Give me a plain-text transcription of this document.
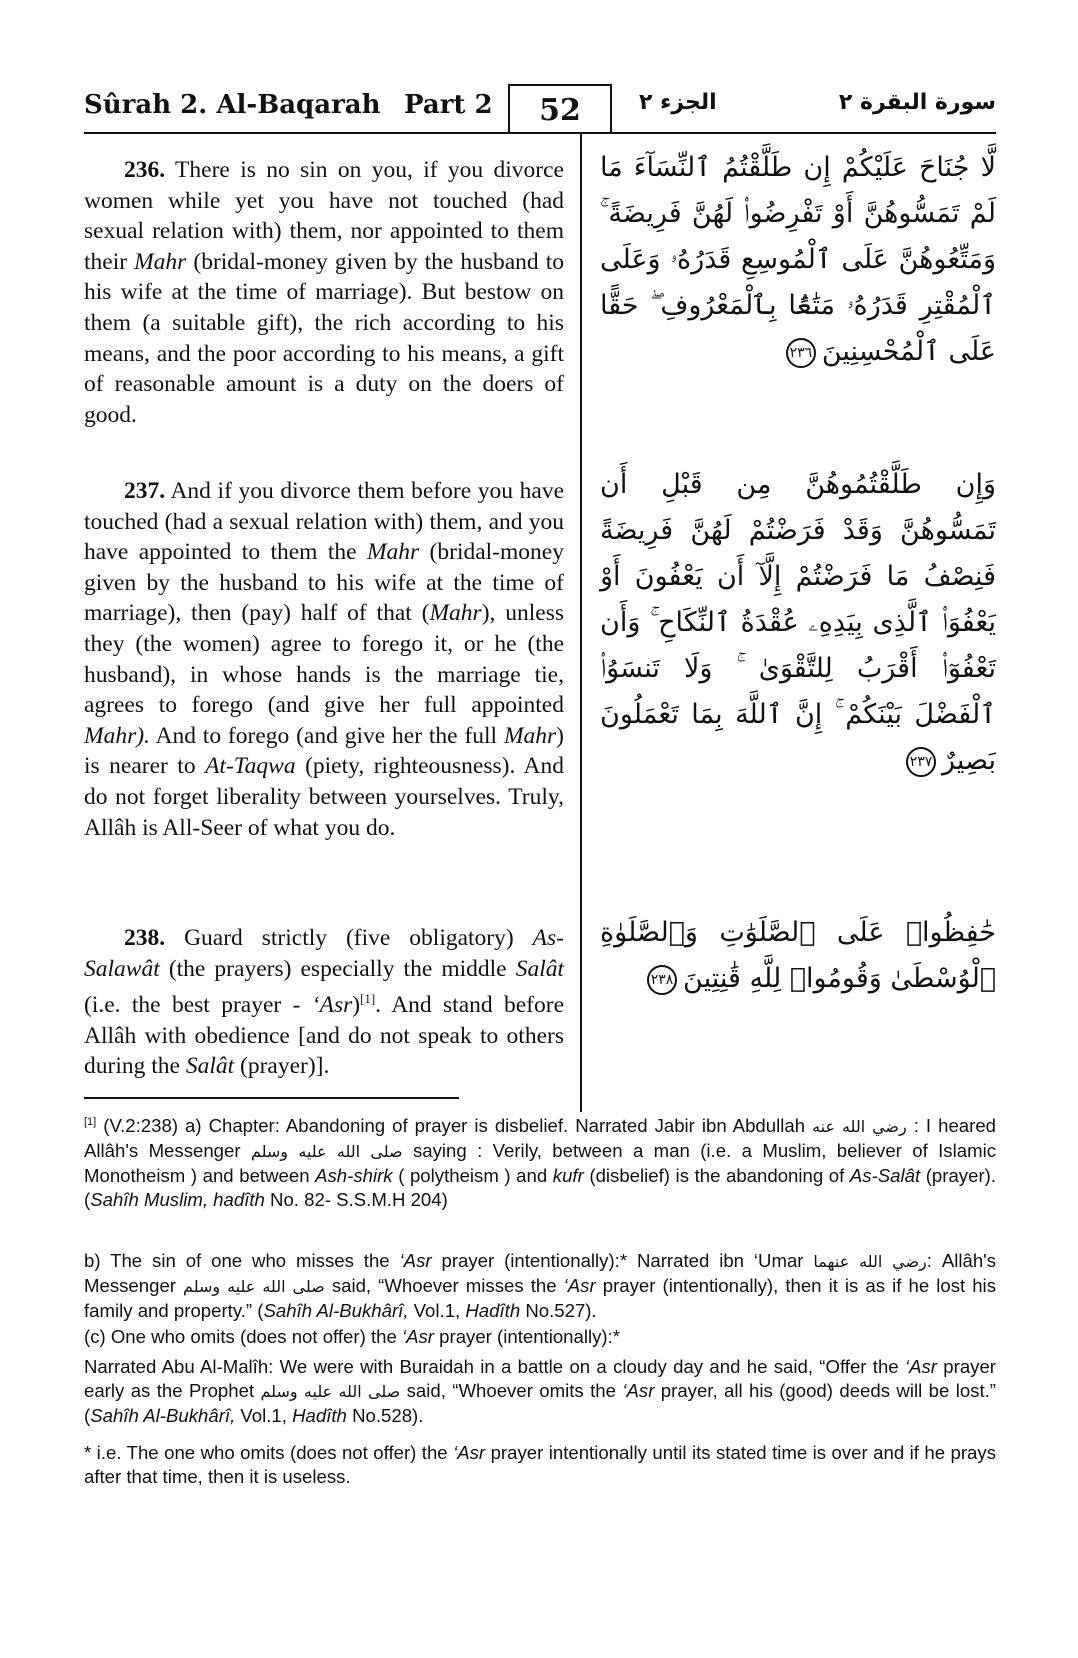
Sûrah 2. Al-Baqarah Part 2	52	الجزء ٢	سورة البقرة ٢

236. There is no sin on you, if you divorce women while yet you have not touched (had sexual relation with) them, nor appointed to them their Mahr (bridal-money given by the husband to his wife at the time of marriage). But bestow on them (a suitable gift), the rich according to his means, and the poor according to his means, a gift of reasonable amount is a duty on the doers of good.

لَّا جُنَاحَ عَلَيْكُمْ إِن طَلَّقْتُمُ ٱلنِّسَآءَ مَا لَمْ تَمَسُّوهُنَّ أَوْ تَفْرِضُوا۟ لَهُنَّ فَرِيضَةً ۚ وَمَتِّعُوهُنَّ عَلَى ٱلْمُوسِعِ قَدَرُهُۥ وَعَلَى ٱلْمُقْتِرِ قَدَرُهُۥ مَتَٰعًۢا بِٱلْمَعْرُوفِ ۖ حَقًّا عَلَى ٱلْمُحْسِنِينَ٢٣٦

237. And if you divorce them before you have touched (had a sexual relation with) them, and you have appointed to them the Mahr (bridal-money given by the husband to his wife at the time of marriage), then (pay) half of that (Mahr), unless they (the women) agree to forego it, or he (the husband), in whose hands is the marriage tie, agrees to forego (and give her full appointed Mahr). And to forego (and give her the full Mahr) is nearer to At-Taqwa (piety, righteousness). And do not forget liberality between yourselves. Truly, Allâh is All-Seer of what you do.

وَإِن طَلَّقْتُمُوهُنَّ مِن قَبْلِ أَن تَمَسُّوهُنَّ وَقَدْ فَرَضْتُمْ لَهُنَّ فَرِيضَةً فَنِصْفُ مَا فَرَضْتُمْ إِلَّآ أَن يَعْفُونَ أَوْ يَعْفُوَا۟ ٱلَّذِى بِيَدِهِۦ عُقْدَةُ ٱلنِّكَاحِ ۚ وَأَن تَعْفُوٓا۟ أَقْرَبُ لِلتَّقْوَىٰ ۚ وَلَا تَنسَوُا۟ ٱلْفَضْلَ بَيْنَكُمْ ۚ إِنَّ ٱللَّهَ بِمَا تَعْمَلُونَ بَصِيرٌ٢٣٧

238. Guard strictly (five obligatory) As-Salawât (the prayers) especially the middle Salât (i.e. the best prayer - ‘Asr)[1]. And stand before Allâh with obedience [and do not speak to others during the Salât (prayer)].

حَٰفِظُوا۟ عَلَى ٱلصَّلَوَٰتِ وَٱلصَّلَوٰةِ ٱلْوُسْطَىٰ وَقُومُوا۟ لِلَّهِ قَٰنِتِينَ٢٣٨

[1] (V.2:238) a) Chapter: Abandoning of prayer is disbelief. Narrated Jabir ibn Abdullah رضي الله عنه : I heared Allâh's Messenger صلى الله عليه وسلم saying : Verily, between a man (i.e. a Muslim, believer of Islamic Monotheism ) and between Ash-shirk ( polytheism ) and kufr (disbelief) is the abandoning of As-Salât (prayer). (Sahîh Muslim, hadîth No. 82- S.S.M.H 204)

b) The sin of one who misses the ‘Asr prayer (intentionally):* Narrated ibn ‘Umar رضي الله عنهما: Allâh's Messenger صلى الله عليه وسلم said, “Whoever misses the ‘Asr prayer (intentionally), then it is as if he lost his family and property.” (Sahîh Al-Bukhârî, Vol.1, Hadîth No.527).

(c) One who omits (does not offer) the ‘Asr prayer (intentionally):*

Narrated Abu Al-Malîh: We were with Buraidah in a battle on a cloudy day and he said, “Offer the ‘Asr prayer early as the Prophet صلى الله عليه وسلم said, “Whoever omits the ‘Asr prayer, all his (good) deeds will be lost.” (Sahîh Al-Bukhârî, Vol.1, Hadîth No.528).

* i.e. The one who omits (does not offer) the ‘Asr prayer intentionally until its stated time is over and if he prays after that time, then it is useless.
